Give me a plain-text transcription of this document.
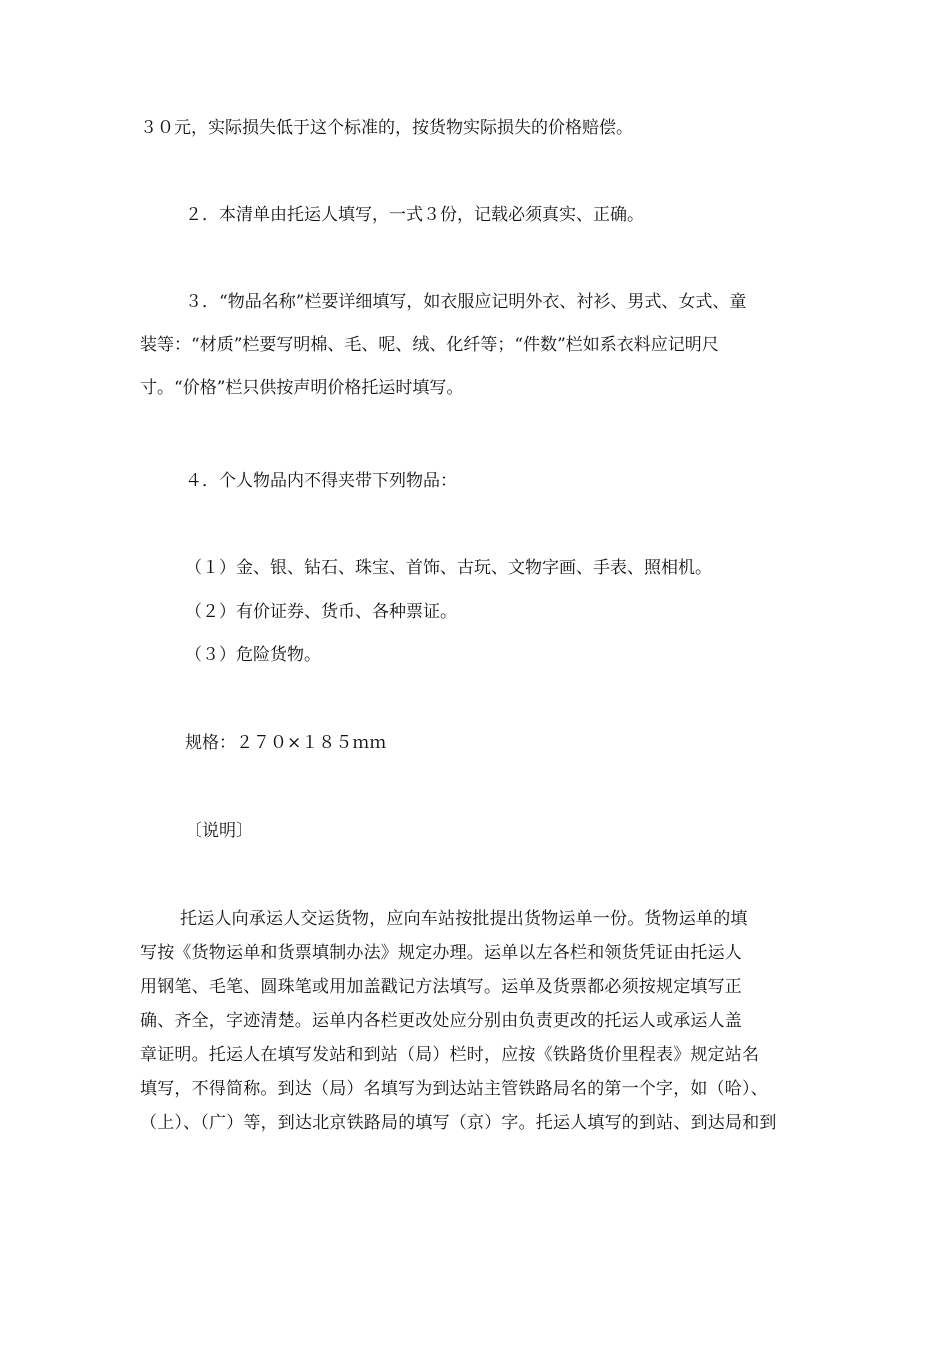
３０元，实际损失低于这个标准的，按货物实际损失的价格赔偿。
２．本清单由托运人填写，一式３份，记载必须真实、正确。
３．“物品名称”栏要详细填写，如衣服应记明外衣、衬衫、男式、女式、童
装等：“材质”栏要写明棉、毛、呢、绒、化纤等；“件数”栏如系衣料应记明尺
寸。“价格”栏只供按声明价格托运时填写。
４．个人物品内不得夹带下列物品：
（１）金、银、钻石、珠宝、首饰、古玩、文物字画、手表、照相机。
（２）有价证券、货币、各种票证。
（３）危险货物。
规格：２７０×１８５ｍｍ
〔说明〕
托运人向承运人交运货物，应向车站按批提出货物运单一份。货物运单的填
写按《货物运单和货票填制办法》规定办理。运单以左各栏和领货凭证由托运人
用钢笔、毛笔、圆珠笔或用加盖戳记方法填写。运单及货票都必须按规定填写正
确、齐全，字迹清楚。运单内各栏更改处应分别由负责更改的托运人或承运人盖
章证明。托运人在填写发站和到站（局）栏时，应按《铁路货价里程表》规定站名
填写，不得简称。到达（局）名填写为到达站主管铁路局名的第一个字，如（哈）、
（上）、（广）等，到达北京铁路局的填写（京）字。托运人填写的到站、到达局和到
